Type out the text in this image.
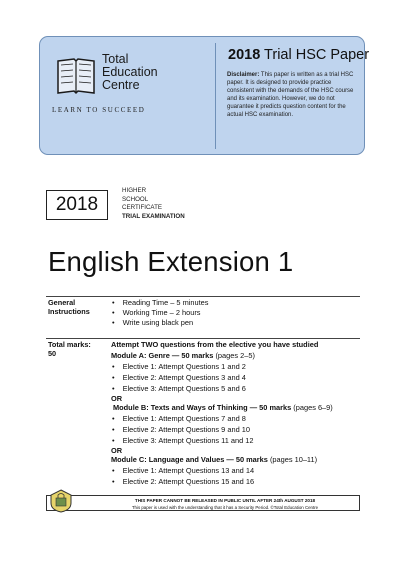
Total
Education
Centre
LEARN TO SUCCEED
2018 Trial HSC Paper
Disclaimer: This paper is written as a trial HSC paper. It is designed to provide practice consistent with the demands of the HSC course and its examination. However, we do not guarantee it predicts question content for the actual HSC examination.
2018
HIGHER
SCHOOL
CERTIFICATE
TRIAL EXAMINATION
English Extension 1
General
Instructions
• Reading Time – 5 minutes
• Working Time – 2 hours
• Write using black pen
Total marks:
50
Attempt TWO questions from the elective you have studied
Module A: Genre — 50 marks (pages 2–5)
• Elective 1: Attempt Questions 1 and 2
• Elective 2: Attempt Questions 3 and 4
• Elective 3: Attempt Questions 5 and 6
OR
Module B: Texts and Ways of Thinking — 50 marks (pages 6–9)
• Elective 1: Attempt Questions 7 and 8
• Elective 2: Attempt Questions 9 and 10
• Elective 3: Attempt Questions 11 and 12
OR
Module C: Language and Values — 50 marks (pages 10–11)
• Elective 1: Attempt Questions 13 and 14
• Elective 2: Attempt Questions 15 and 16
THIS PAPER CANNOT BE RELEASED IN PUBLIC UNTIL AFTER 24th AUGUST 2018
This paper is used with the understanding that it has a Security Period. ©Total Education Centre
